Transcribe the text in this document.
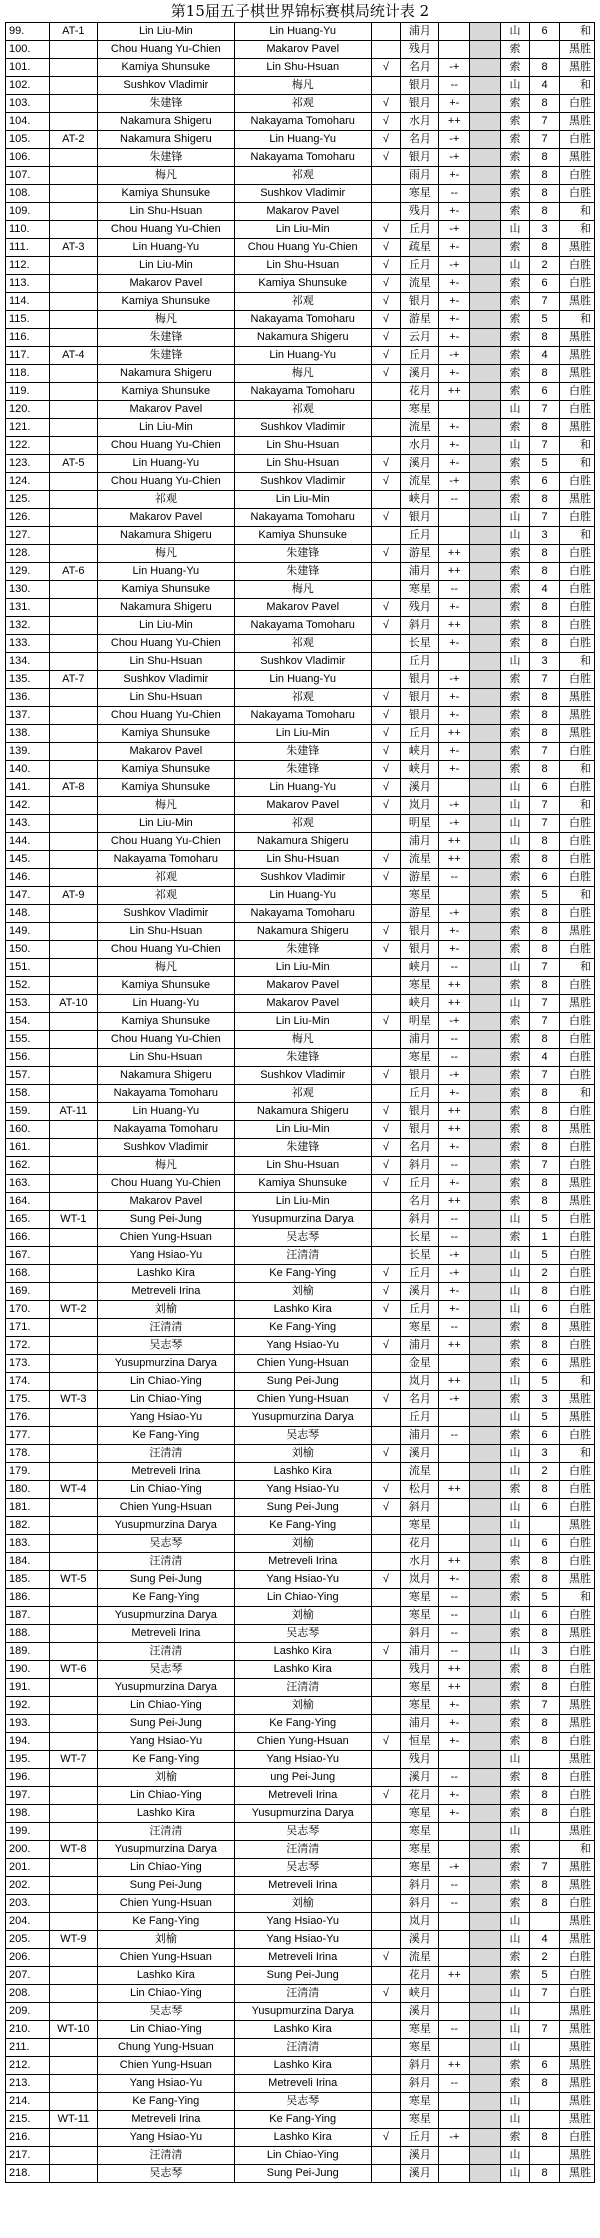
第15届五子棋世界锦标赛棋局统计表 2
99.	AT-1	Lin Liu-Min	Lin Huang-Yu		浦月			山	6	和
100.		Chou Huang Yu-Chien	Makarov Pavel		残月			索		黑胜
101.		Kamiya Shunsuke	Lin Shu-Hsuan	√	名月	-+		索	8	黑胜
102.		Sushkov Vladimir	梅凡		银月	--		山	4	和
103.		朱建锋	祁观	√	银月	+-		索	8	白胜
104.		Nakamura Shigeru	Nakayama Tomoharu	√	水月	++		索	7	黑胜
105.	AT-2	Nakamura Shigeru	Lin Huang-Yu	√	名月	-+		索	7	白胜
106.		朱建锋	Nakayama Tomoharu	√	银月	-+		索	8	黑胜
107.		梅凡	祁观		雨月	+-		索	8	白胜
108.		Kamiya Shunsuke	Sushkov Vladimir		寒星	--		索	8	白胜
109.		Lin Shu-Hsuan	Makarov Pavel		残月	+-		索	8	和
110.		Chou Huang Yu-Chien	Lin Liu-Min	√	丘月	-+		山	3	和
111.	AT-3	Lin Huang-Yu	Chou Huang Yu-Chien	√	疏星	+-		索	8	黑胜
112.		Lin Liu-Min	Lin Shu-Hsuan	√	丘月	-+		山	2	白胜
113.		Makarov Pavel	Kamiya Shunsuke	√	流星	+-		索	6	白胜
114.		Kamiya Shunsuke	祁观	√	银月	+-		索	7	黑胜
115.		梅凡	Nakayama Tomoharu	√	游星	+-		索	5	和
116.		朱建锋	Nakamura Shigeru	√	云月	+-		索	8	黑胜
117.	AT-4	朱建锋	Lin Huang-Yu	√	丘月	-+		索	4	黑胜
118.		Nakamura Shigeru	梅凡	√	溪月	+-		索	8	黑胜
119.		Kamiya Shunsuke	Nakayama Tomoharu		花月	++		索	6	白胜
120.		Makarov Pavel	祁观		寒星			山	7	白胜
121.		Lin Liu-Min	Sushkov Vladimir		流星	+-		索	8	黑胜
122.		Chou Huang Yu-Chien	Lin Shu-Hsuan		水月	+-		山	7	和
123.	AT-5	Lin Huang-Yu	Lin Shu-Hsuan	√	溪月	+-		索	5	和
124.		Chou Huang Yu-Chien	Sushkov Vladimir	√	流星	-+		索	6	白胜
125.		祁观	Lin Liu-Min		峡月	--		索	8	黑胜
126.		Makarov Pavel	Nakayama Tomoharu	√	银月			山	7	白胜
127.		Nakamura Shigeru	Kamiya Shunsuke		丘月			山	3	和
128.		梅凡	朱建锋	√	游星	++		索	8	白胜
129.	AT-6	Lin Huang-Yu	朱建锋		浦月	++		索	8	白胜
130.		Kamiya Shunsuke	梅凡		寒星	--		索	4	白胜
131.		Nakamura Shigeru	Makarov Pavel	√	残月	+-		索	8	白胜
132.		Lin Liu-Min	Nakayama Tomoharu	√	斜月	++		索	8	白胜
133.		Chou Huang Yu-Chien	祁观		长星	+-		索	8	白胜
134.		Lin Shu-Hsuan	Sushkov Vladimir		丘月			山	3	和
135.	AT-7	Sushkov Vladimir	Lin Huang-Yu		银月	-+		索	7	白胜
136.		Lin Shu-Hsuan	祁观	√	银月	+-		索	8	黑胜
137.		Chou Huang Yu-Chien	Nakayama Tomoharu	√	银月	+-		索	8	黑胜
138.		Kamiya Shunsuke	Lin Liu-Min	√	丘月	++		索	8	黑胜
139.		Makarov Pavel	朱建锋	√	峡月	+-		索	7	白胜
140.		Kamiya Shunsuke	朱建锋	√	峡月	+-		索	8	和
141.	AT-8	Kamiya Shunsuke	Lin Huang-Yu	√	溪月			山	6	白胜
142.		梅凡	Makarov Pavel	√	岚月	-+		山	7	和
143.		Lin Liu-Min	祁观		明星	-+		山	7	白胜
144.		Chou Huang Yu-Chien	Nakamura Shigeru		浦月	++		山	8	白胜
145.		Nakayama Tomoharu	Lin Shu-Hsuan	√	流星	++		索	8	白胜
146.		祁观	Sushkov Vladimir	√	游星	--		索	6	白胜
147.	AT-9	祁观	Lin Huang-Yu		寒星			索	5	和
148.		Sushkov Vladimir	Nakayama Tomoharu		游星	-+		索	8	白胜
149.		Lin Shu-Hsuan	Nakamura Shigeru	√	银月	+-		索	8	黑胜
150.		Chou Huang Yu-Chien	朱建锋	√	银月	+-		索	8	白胜
151.		梅凡	Lin Liu-Min		峡月	--		山	7	和
152.		Kamiya Shunsuke	Makarov Pavel		寒星	++		索	8	白胜
153.	AT-10	Lin Huang-Yu	Makarov Pavel		峡月	++		山	7	黑胜
154.		Kamiya Shunsuke	Lin Liu-Min	√	明星	-+		索	7	白胜
155.		Chou Huang Yu-Chien	梅凡		浦月	--		索	8	白胜
156.		Lin Shu-Hsuan	朱建锋		寒星	--		索	4	白胜
157.		Nakamura Shigeru	Sushkov Vladimir	√	银月	-+		索	7	白胜
158.		Nakayama Tomoharu	祁观		丘月	+-		索	8	和
159.	AT-11	Lin Huang-Yu	Nakamura Shigeru	√	银月	++		索	8	白胜
160.		Nakayama Tomoharu	Lin Liu-Min	√	银月	++		索	8	黑胜
161.		Sushkov Vladimir	朱建锋	√	名月	+-		索	8	白胜
162.		梅凡	Lin Shu-Hsuan	√	斜月	--		索	7	白胜
163.		Chou Huang Yu-Chien	Kamiya Shunsuke	√	丘月	+-		索	8	黑胜
164.		Makarov Pavel	Lin Liu-Min		名月	++		索	8	黑胜
165.	WT-1	Sung Pei-Jung	Yusupmurzina Darya		斜月	--		山	5	白胜
166.		Chien Yung-Hsuan	吴志琴		长星	--		索	1	白胜
167.		Yang Hsiao-Yu	汪清清		长星	-+		山	5	白胜
168.		Lashko Kira	Ke Fang-Ying	√	丘月	-+		山	2	白胜
169.		Metreveli Irina	刘榆	√	溪月	+-		山	8	白胜
170.	WT-2	刘榆	Lashko Kira	√	丘月	+-		山	6	白胜
171.		汪清清	Ke Fang-Ying		寒星	--		索	8	黑胜
172.		吴志琴	Yang Hsiao-Yu	√	浦月	++		索	8	白胜
173.		Yusupmurzina Darya	Chien Yung-Hsuan		金星			索	6	黑胜
174.		Lin Chiao-Ying	Sung Pei-Jung		岚月	++		山	5	和
175.	WT-3	Lin Chiao-Ying	Chien Yung-Hsuan	√	名月	-+		索	3	黑胜
176.		Yang Hsiao-Yu	Yusupmurzina Darya		丘月			山	5	黑胜
177.		Ke Fang-Ying	吴志琴		浦月	--		索	6	白胜
178.		汪清清	刘榆	√	溪月			山	3	和
179.		Metreveli Irina	Lashko Kira		流星			山	2	白胜
180.	WT-4	Lin Chiao-Ying	Yang Hsiao-Yu	√	松月	++		索	8	白胜
181.		Chien Yung-Hsuan	Sung Pei-Jung	√	斜月			山	6	白胜
182.		Yusupmurzina Darya	Ke Fang-Ying		寒星			山		黑胜
183.		吴志琴	刘榆		花月			山	6	白胜
184.		汪清清	Metreveli Irina		水月	++		索	8	白胜
185.	WT-5	Sung Pei-Jung	Yang Hsiao-Yu	√	岚月	+-		索	8	黑胜
186.		Ke Fang-Ying	Lin Chiao-Ying		寒星	--		索	5	和
187.		Yusupmurzina Darya	刘榆		寒星	--		山	6	白胜
188.		Metreveli Irina	吴志琴		斜月	--		索	8	黑胜
189.		汪清清	Lashko Kira	√	浦月	--		山	3	白胜
190.	WT-6	吴志琴	Lashko Kira		残月	++		索	8	白胜
191.		Yusupmurzina Darya	汪清清		寒星	++		索	8	白胜
192.		Lin Chiao-Ying	刘榆		寒星	+-		索	7	黑胜
193.		Sung Pei-Jung	Ke Fang-Ying		浦月	+-		索	8	黑胜
194.		Yang Hsiao-Yu	Chien Yung-Hsuan	√	恒星	+-		索	8	白胜
195.	WT-7	Ke Fang-Ying	Yang Hsiao-Yu		残月			山		黑胜
196.		刘榆	ung Pei-Jung		溪月	--		索	8	白胜
197.		Lin Chiao-Ying	Metreveli Irina	√	花月	+-		索	8	白胜
198.		Lashko Kira	Yusupmurzina Darya		寒星	+-		索	8	白胜
199.		汪清清	吴志琴		寒星			山		黑胜
200.	WT-8	Yusupmurzina Darya	汪清清		寒星			索		和
201.		Lin Chiao-Ying	吴志琴		寒星	-+		索	7	黑胜
202.		Sung Pei-Jung	Metreveli Irina		斜月	--		索	8	黑胜
203.		Chien Yung-Hsuan	刘榆		斜月	--		索	8	白胜
204.		Ke Fang-Ying	Yang Hsiao-Yu		岚月			山		黑胜
205.	WT-9	刘榆	Yang Hsiao-Yu		溪月			山	4	黑胜
206.		Chien Yung-Hsuan	Metreveli Irina	√	流星			索	2	白胜
207.		Lashko Kira	Sung Pei-Jung		花月	++		索	5	白胜
208.		Lin Chiao-Ying	汪清清	√	峡月			山	7	白胜
209.		吴志琴	Yusupmurzina Darya		溪月			山		黑胜
210.	WT-10	Lin Chiao-Ying	Lashko Kira		寒星	--		山	7	黑胜
211.		Chung Yung-Hsuan	汪清清		寒星			山		黑胜
212.		Chien Yung-Hsuan	Lashko Kira		斜月	++		索	6	黑胜
213.		Yang Hsiao-Yu	Metreveli Irina		斜月	--		索	8	黑胜
214.		Ke Fang-Ying	吴志琴		寒星			山		黑胜
215.	WT-11	Metreveli Irina	Ke Fang-Ying		寒星			山		黑胜
216.		Yang Hsiao-Yu	Lashko Kira	√	丘月	-+		索	8	白胜
217.		汪清清	Lin Chiao-Ying		溪月			山		黑胜
218.		吴志琴	Sung Pei-Jung		溪月			山	8	黑胜
